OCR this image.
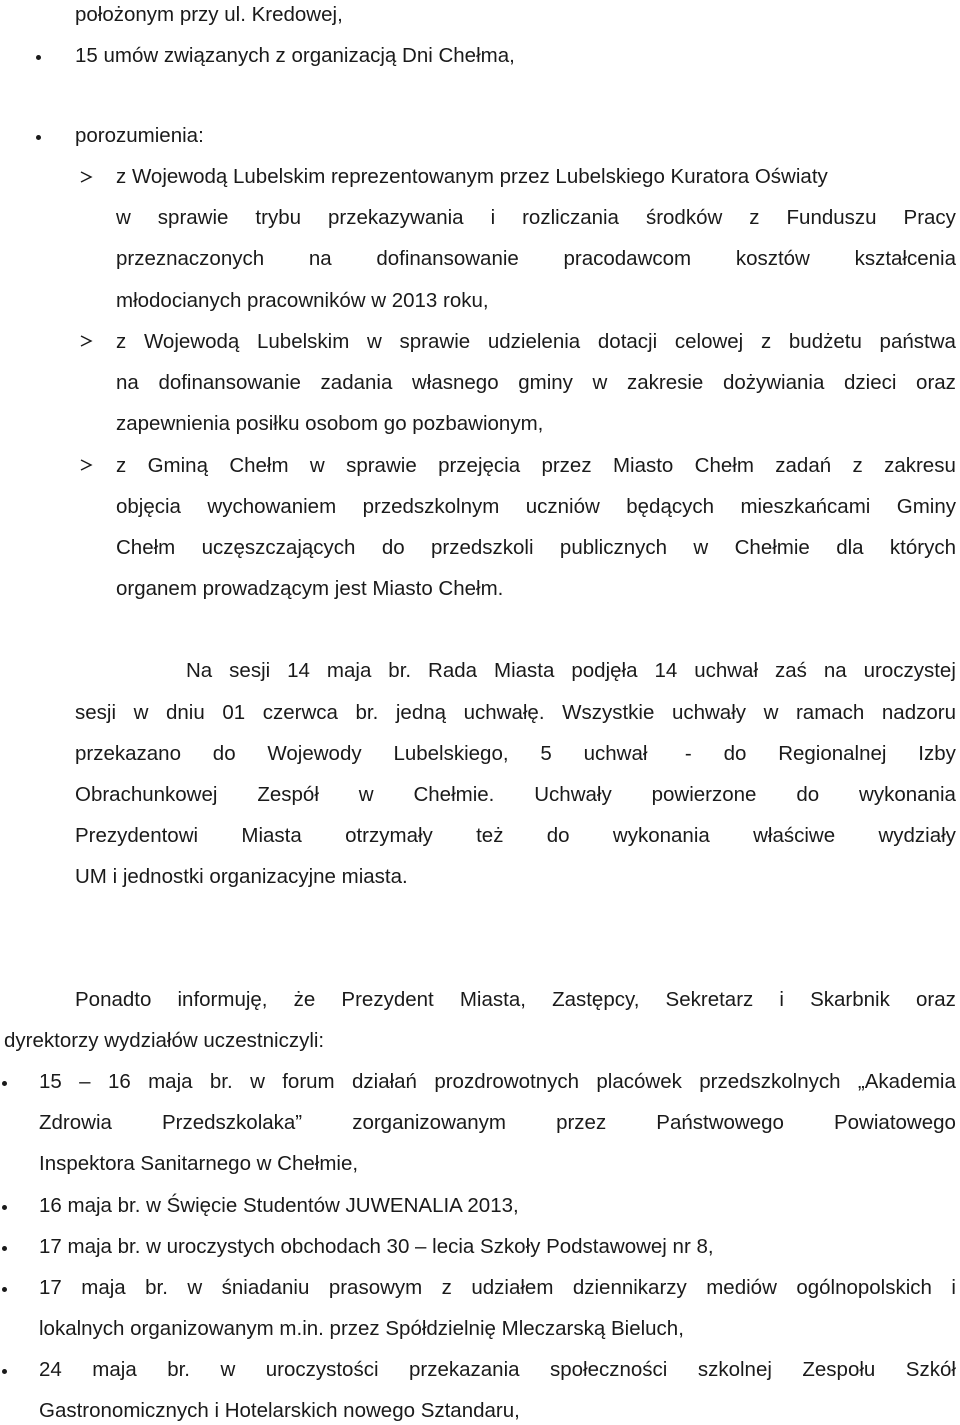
położonym przy ul. Kredowej,
15 umów związanych z organizacją Dni Chełma,
porozumienia:
z Wojewodą Lubelskim reprezentowanym przez Lubelskiego Kuratora Oświaty
w sprawie trybu przekazywania i rozliczania środków z Funduszu Pracy
przeznaczonych na dofinansowanie pracodawcom kosztów kształcenia
młodocianych pracowników w 2013 roku,
z Wojewodą Lubelskim w sprawie udzielenia dotacji celowej z budżetu państwa
na dofinansowanie zadania własnego gminy w zakresie dożywiania dzieci oraz
zapewnienia posiłku osobom go pozbawionym,
z Gminą Chełm w sprawie przejęcia przez Miasto Chełm zadań z zakresu
objęcia wychowaniem przedszkolnym uczniów będących mieszkańcami Gminy
Chełm uczęszczających do przedszkoli publicznych w Chełmie dla których
organem prowadzącym jest Miasto Chełm.
Na sesji 14 maja br. Rada Miasta podjęła 14 uchwał zaś na uroczystej
sesji w dniu 01 czerwca br. jedną uchwałę. Wszystkie uchwały w ramach nadzoru
przekazano do Wojewody Lubelskiego, 5 uchwał - do Regionalnej Izby
Obrachunkowej Zespół w Chełmie. Uchwały powierzone do wykonania
Prezydentowi Miasta otrzymały też do wykonania właściwe wydziały
UM i jednostki organizacyjne miasta.
Ponadto informuję, że Prezydent Miasta, Zastępcy, Sekretarz i Skarbnik oraz
dyrektorzy wydziałów uczestniczyli:
15 – 16 maja br. w forum działań prozdrowotnych placówek przedszkolnych „Akademia
Zdrowia Przedszkolaka” zorganizowanym przez Państwowego Powiatowego
Inspektora Sanitarnego w Chełmie,
16 maja br. w Święcie Studentów JUWENALIA 2013,
17 maja br. w uroczystych obchodach 30 – lecia Szkoły Podstawowej nr 8,
17 maja br. w śniadaniu prasowym z udziałem dziennikarzy mediów ogólnopolskich i
lokalnych organizowanym m.in. przez Spółdzielnię Mleczarską Bieluch,
24 maja br. w uroczystości przekazania społeczności szkolnej Zespołu Szkół
Gastronomicznych i Hotelarskich nowego Sztandaru,
